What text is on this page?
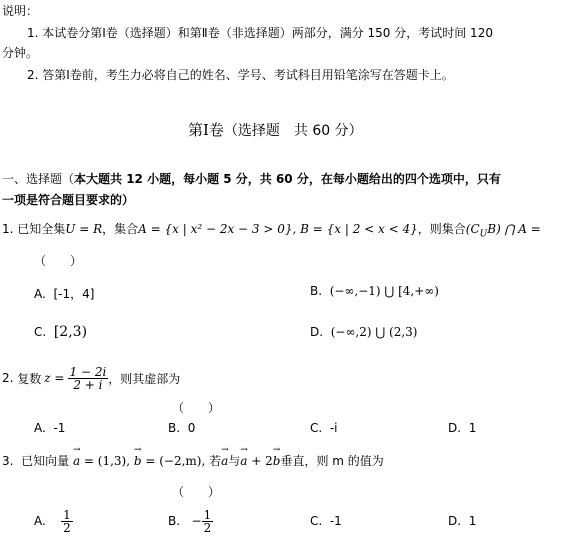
说明：
1. 本试卷分第Ⅰ卷（选择题）和第Ⅱ卷（非选择题）两部分，满分 150 分，考试时间 120
分钟。
2. 答第Ⅰ卷前，考生力必将自己的姓名、学号、考试科目用铅笔涂写在答题卡上。
第Ⅰ卷（选择题　共 60 分）
一、选择题（本大题共 12 小题，每小题 5 分，共 60 分，在每小题给出的四个选项中，只有
一项是符合题目要求的）
1. 已知全集U = R，集合A = {x | x² − 2x − 3 > 0}, B = {x | 2 < x < 4}，则集合$(C_UB)$ ⋂ A =
（　　）
A. [-1，4]	B. (−∞,−1) ⋃ [4,+∞)
C. [2,3)	D. (−∞,2) ⋃ (2,3)
2.
复数 $z = \frac{1 - 2i}{2 + i}$ ，则其虚部为
（　　）
A. -1	B. 0	C. -i	D. 1
3. 已知向量 → a = (1,3), → b = (−2,m), 若→ a与→ a + 2→ b垂直，则 m 的值为
（　　）
A.
$\frac{1}{2}$	B.
− $\frac{1}{2}$	C. -1	D. 1
